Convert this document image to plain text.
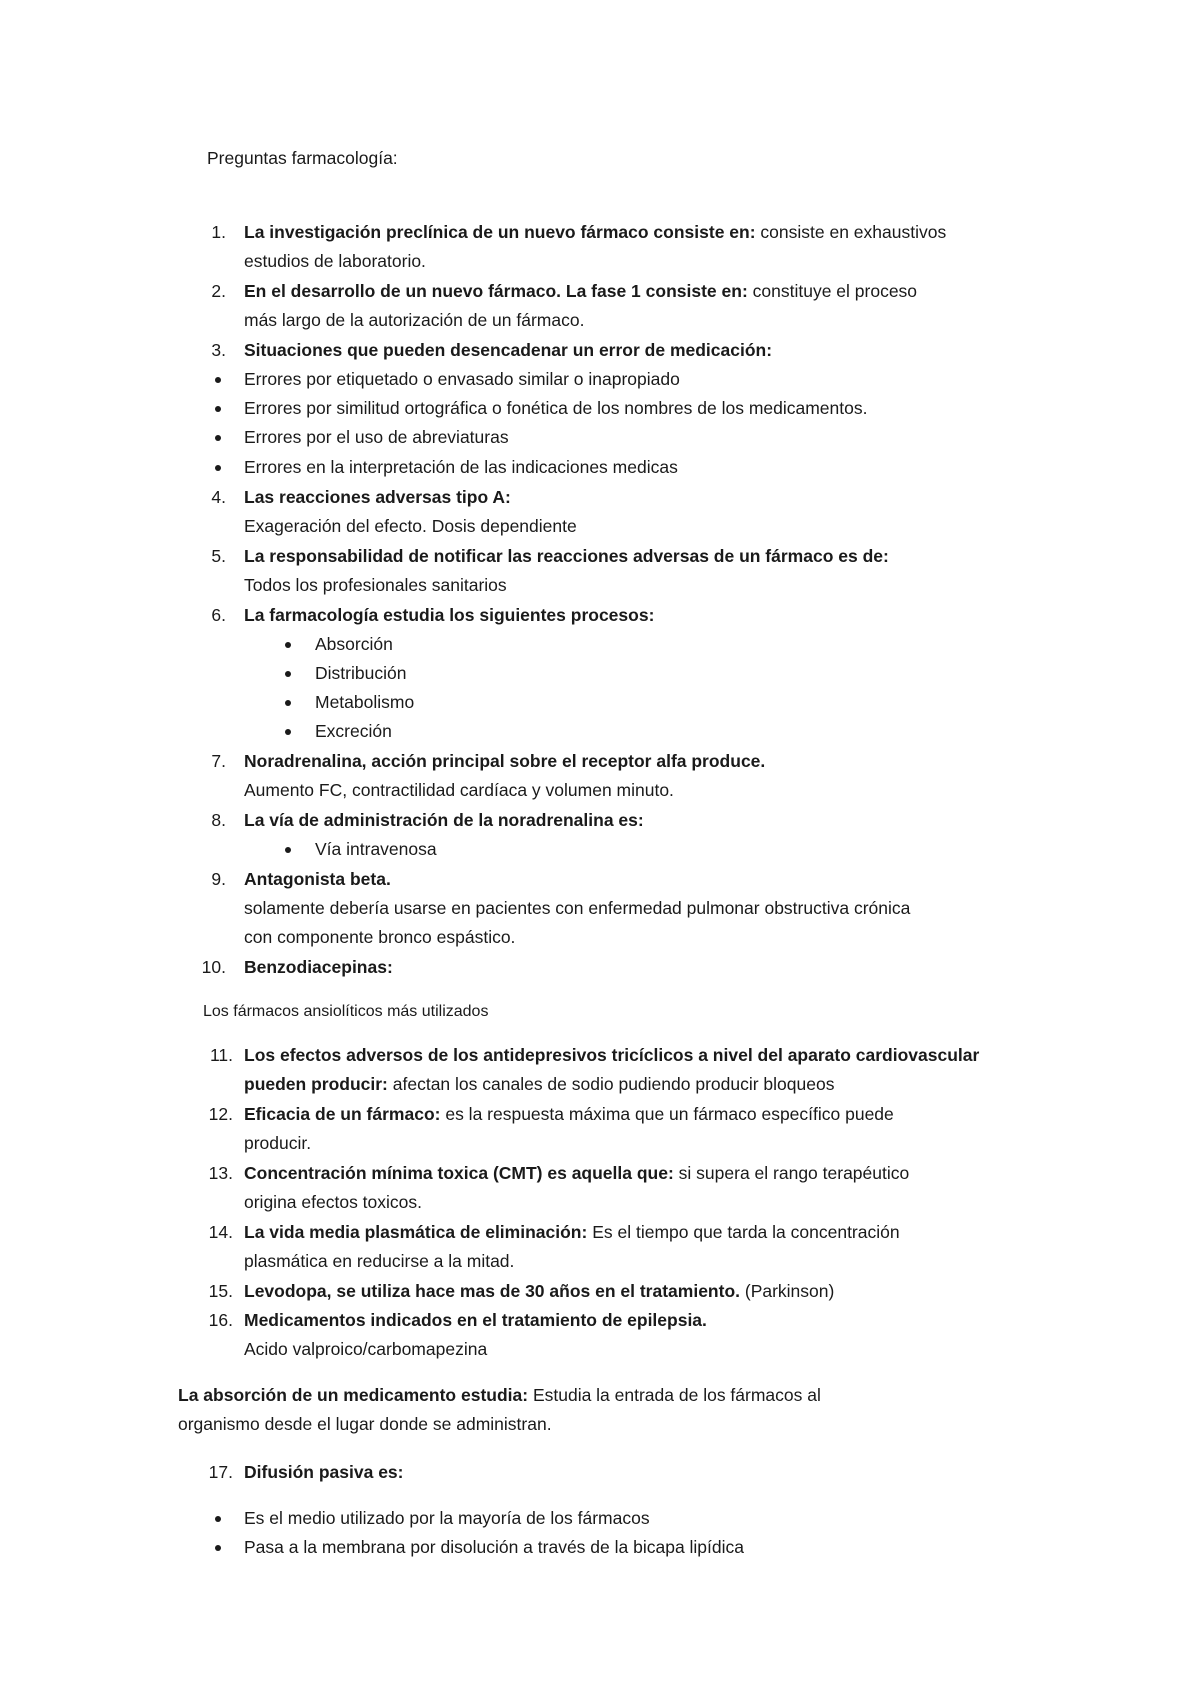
Preguntas farmacología:
1. La investigación preclínica de un nuevo fármaco consiste en: consiste en exhaustivos
estudios de laboratorio.
2. En el desarrollo de un nuevo fármaco. La fase 1 consiste en: constituye el proceso
más largo de la autorización de un fármaco.
3. Situaciones que pueden desencadenar un error de medicación:
Errores por etiquetado o envasado similar o inapropiado
Errores por similitud ortográfica o fonética de los nombres de los medicamentos.
Errores por el uso de abreviaturas
Errores en la interpretación de las indicaciones medicas
4. Las reacciones adversas tipo A:
Exageración del efecto. Dosis dependiente
5. La responsabilidad de notificar las reacciones adversas de un fármaco es de:
Todos los profesionales sanitarios
6. La farmacología estudia los siguientes procesos:
Absorción
Distribución
Metabolismo
Excreción
7. Noradrenalina, acción principal sobre el receptor alfa produce.
Aumento FC, contractilidad cardíaca y volumen minuto.
8. La vía de administración de la noradrenalina es:
Vía intravenosa
9. Antagonista beta.
solamente debería usarse en pacientes con enfermedad pulmonar obstructiva crónica
con componente bronco espástico.
10. Benzodiacepinas:
Los fármacos ansiolíticos más utilizados
11. Los efectos adversos de los antidepresivos tricíclicos a nivel del aparato cardiovascular
pueden producir: afectan los canales de sodio pudiendo producir bloqueos
12. Eficacia de un fármaco: es la respuesta máxima que un fármaco específico puede
producir.
13. Concentración mínima toxica (CMT) es aquella que: si supera el rango terapéutico
origina efectos toxicos.
14. La vida media plasmática de eliminación: Es el tiempo que tarda la concentración
plasmática en reducirse a la mitad.
15. Levodopa, se utiliza hace mas de 30 años en el tratamiento. (Parkinson)
16. Medicamentos indicados en el tratamiento de epilepsia.
Acido valproico/carbomapezina
La absorción de un medicamento estudia: Estudia la entrada de los fármacos al
organismo desde el lugar donde se administran.
17. Difusión pasiva es:
Es el medio utilizado por la mayoría de los fármacos
Pasa a la membrana por disolución a través de la bicapa lipídica
